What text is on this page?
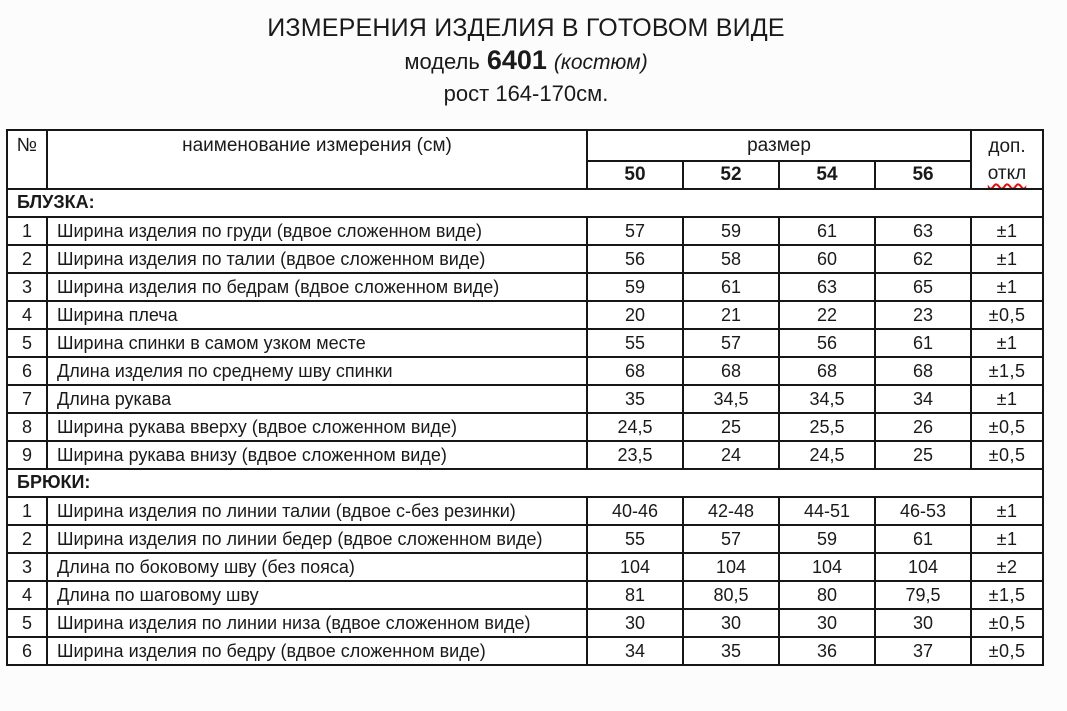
ИЗМЕРЕНИЯ ИЗДЕЛИЯ В ГОТОВОМ ВИДЕ
модель 6401 (костюм)
рост 164-170см.
№	наименование измерения (см)	размер				доп.
откл

		50	52	54	56	
БЛУЗКА:						
1	Ширина изделия по груди (вдвое сложенном виде)	57	59	61	63	±1
2	Ширина изделия по талии (вдвое сложенном виде)	56	58	60	62	±1
3	Ширина изделия по бедрам (вдвое сложенном виде)	59	61	63	65	±1
4	Ширина плеча	20	21	22	23	±0,5
5	Ширина спинки в самом узком месте	55	57	56	61	±1
6	Длина изделия по среднему шву спинки	68	68	68	68	±1,5
7	Длина рукава	35	34,5	34,5	34	±1
8	Ширина рукава вверху (вдвое сложенном виде)	24,5	25	25,5	26	±0,5
9	Ширина рукава внизу (вдвое сложенном виде)	23,5	24	24,5	25	±0,5
БРЮКИ:						
1	Ширина изделия по линии талии (вдвое с-без резинки)	40-46	42-48	44-51	46-53	±1
2	Ширина изделия по линии бедер (вдвое сложенном виде)	55	57	59	61	±1
3	Длина по боковому шву (без пояса)	104	104	104	104	±2
4	Длина по шаговому шву	81	80,5	80	79,5	±1,5
5	Ширина изделия по линии низа (вдвое сложенном виде)	30	30	30	30	±0,5
6	Ширина изделия по бедру (вдвое сложенном виде)	34	35	36	37	±0,5
